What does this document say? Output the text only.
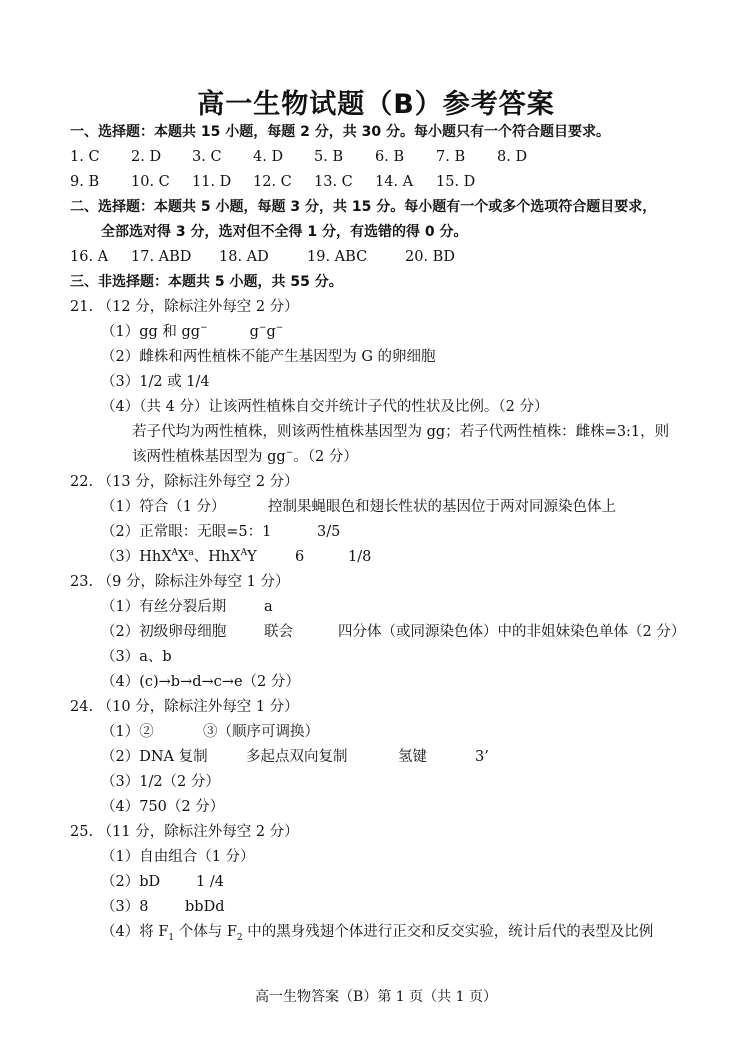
高一生物试题（B）参考答案
一、选择题：本题共 15 小题，每题 2 分，共 30 分。每小题只有一个符合题目要求。
1. C 2. D 3. C 4. D 5. B 6. B 7. B 8. D
9. B 10. C 11. D 12. C 13. C 14. A 15. D
二、选择题：本题共 5 小题，每题 3 分，共 15 分。每小题有一个或多个选项符合题目要求，
全部选对得 3 分，选对但不全得 1 分，有选错的得 0 分。
16. A 17. ABD 18. AD	19. ABC	20. BD
三、非选择题：本题共 5 小题，共 55 分。
21. （12 分，除标注外每空 2 分）
（1）gg 和 gg−	g−g−
（2）雌株和两性植株不能产生基因型为 G 的卵细胞
（3）1/2 或 1/4
（4）（共 4 分）让该两性植株自交并统计子代的性状及比例。（2 分）
若子代均为两性植株，则该两性植株基因型为 gg；若子代两性植株：雌株=3:1，则
该两性植株基因型为 gg−。（2 分）
22. （13 分，除标注外每空 2 分）
（1）符合（1 分）	控制果蝇眼色和翅长性状的基因位于两对同源染色体上
（2）正常眼：无眼=5：1	3/5
$(3)HhX^AX^a$、HhX$^A$Y	6	1/8
23. （9 分，除标注外每空 1 分）
（1）有丝分裂后期	a
（2）初级卵母细胞	联会	四分体（或同源染色体）中的非姐妹染色单体（2 分）
（3）a、b
（4）(c)→b→d→c→e（2 分）
24. （10 分，除标注外每空 1 分）
（1）②	③（顺序可调换）
（2）DNA 复制	多起点双向复制	氢键	3’
（3）1/2（2 分）
（4）750（2 分）
25. （11 分，除标注外每空 2 分）
（1）自由组合（1 分）
（2）bD 1 /4
（3）8	bbDd
（4）将 $F_1$ 个体与 $F_2$ 中的黑身残翅个体进行正交和反交实验，统计后代的表型及比例
高一生物答案（B）第 1 页（共 1 页）
